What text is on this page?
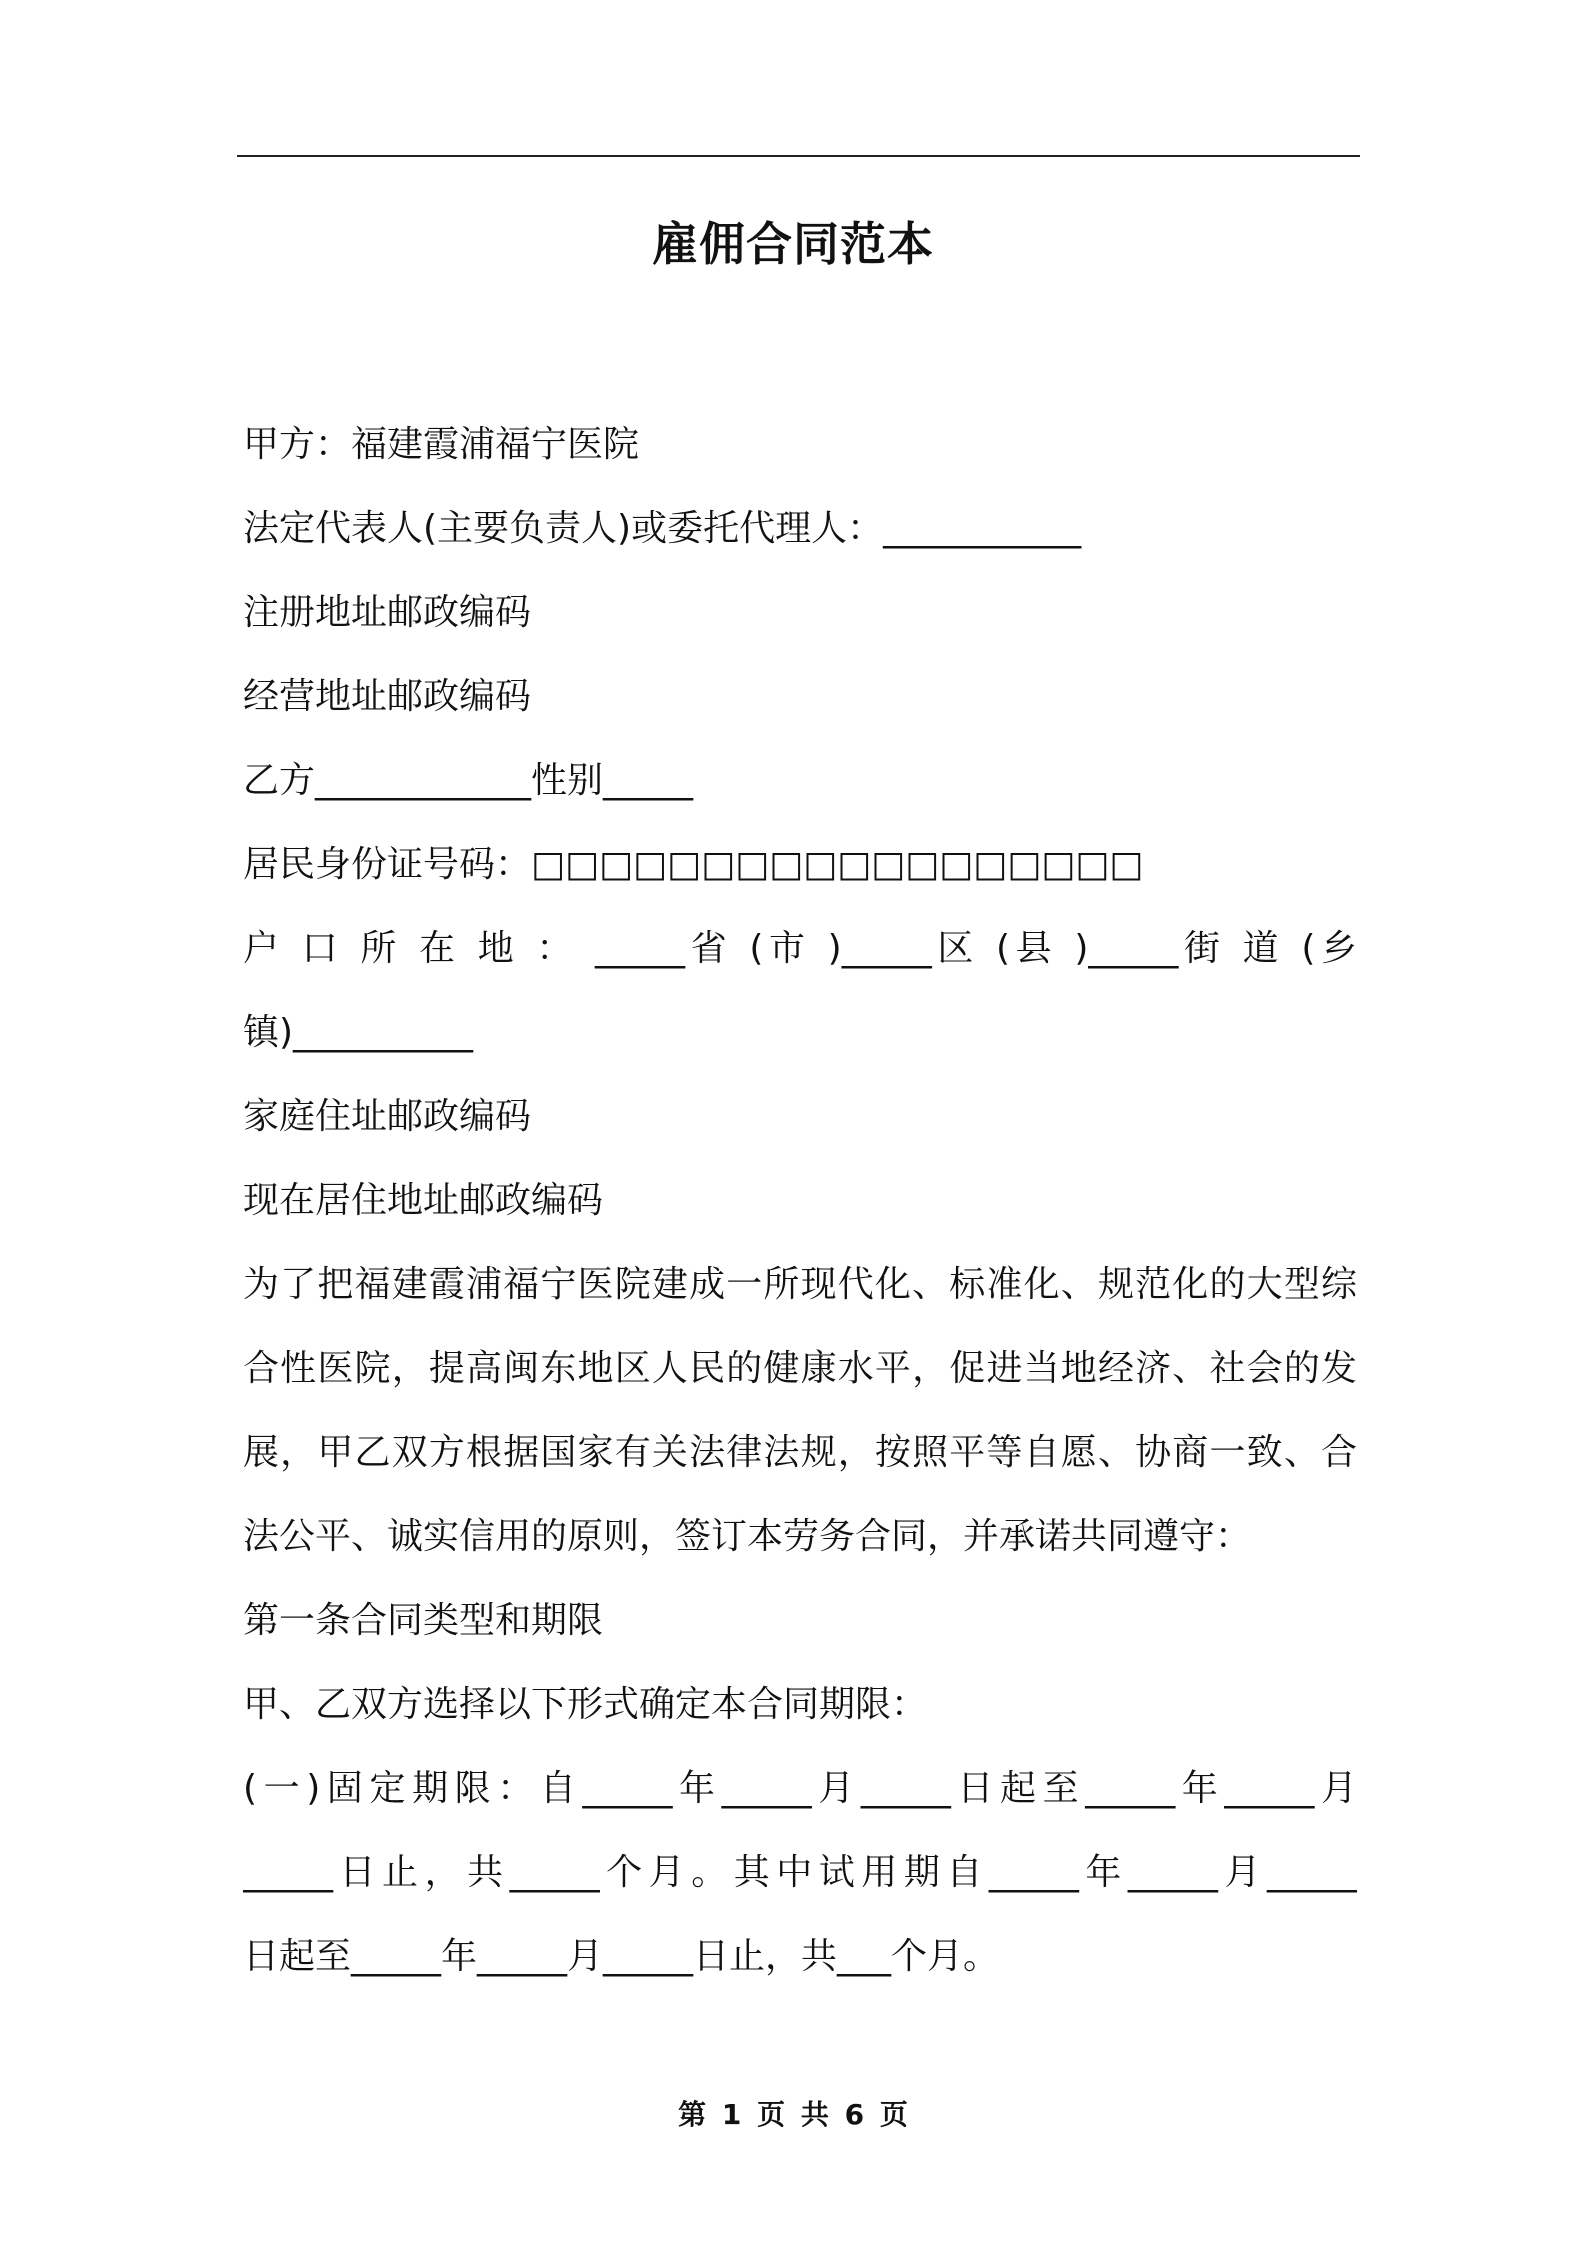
雇佣合同范本
甲方：福建霞浦福宁医院
法定代表人(主要负责人)或委托代理人：___________
注册地址邮政编码
经营地址邮政编码
乙方____________性别_____
居民身份证号码：□□□□□□□□□□□□□□□□□□
户 口 所 在 地 ： _____省 (市 )_____区 (县 )_____街 道 (乡
镇)__________
家庭住址邮政编码
现在居住地址邮政编码
为了把福建霞浦福宁医院建成一所现代化、标准化、规范化的大型综
合性医院，提高闽东地区人民的健康水平，促进当地经济、社会的发
展，甲乙双方根据国家有关法律法规，按照平等自愿、协商一致、合
法公平、诚实信用的原则，签订本劳务合同，并承诺共同遵守：
第一条合同类型和期限
甲、乙双方选择以下形式确定本合同期限：
(一)固定期限：自_____年_____月_____日起至_____年_____月
_____日止，共_____个月。其中试用期自_____年_____月_____
日起至_____年_____月_____日止，共___个月。
第 1 页 共 6 页
